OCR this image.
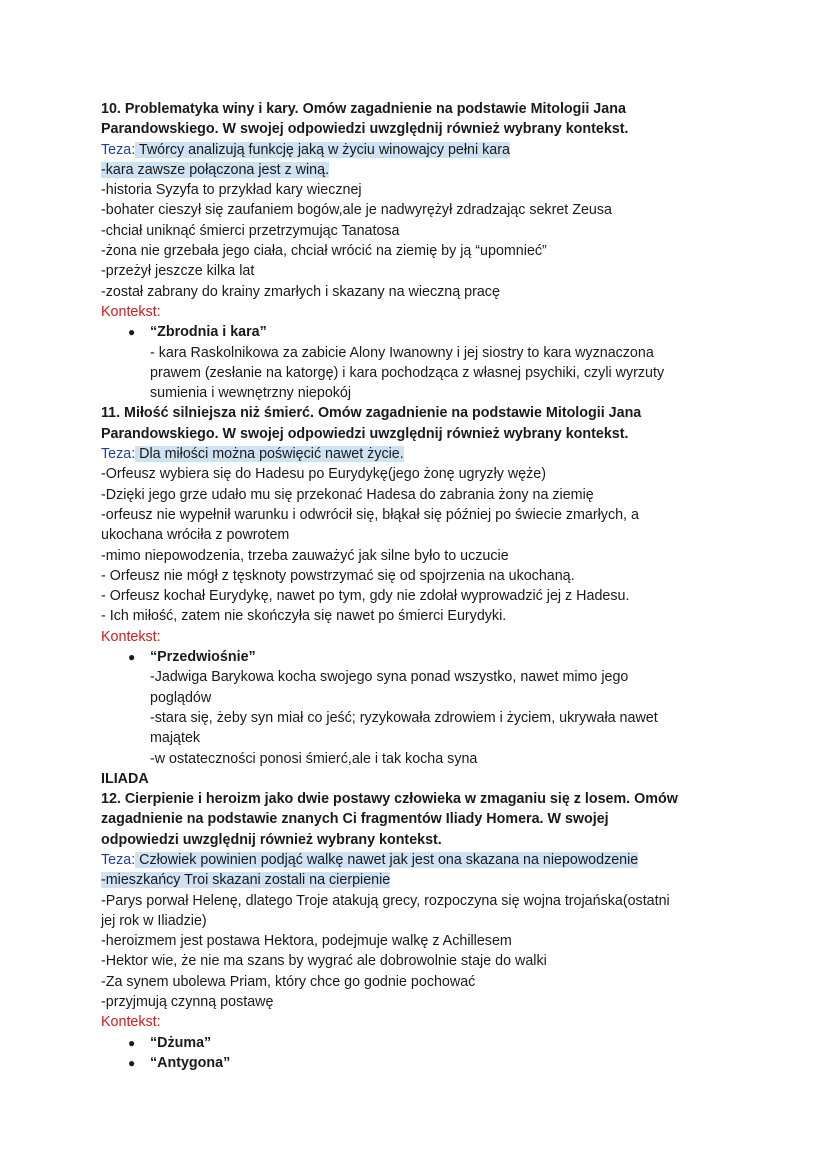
10. Problematyka winy i kary. Omów zagadnienie na podstawie Mitologii Jana

Parandowskiego. W swojej odpowiedzi uwzględnij również wybrany kontekst.

Teza: Twórcy analizują funkcję jaką w życiu winowajcy pełni kara

-kara zawsze połączona jest z winą.

-historia Syzyfa to przykład kary wiecznej

-bohater cieszył się zaufaniem bogów,ale je nadwyrężył zdradzając sekret Zeusa

-chciał uniknąć śmierci przetrzymując Tanatosa

-żona nie grzebała jego ciała, chciał wrócić na ziemię by ją “upomnieć”

-przeżył jeszcze kilka lat

-został zabrany do krainy zmarłych i skazany na wieczną pracę

Kontekst:

● “Zbrodnia i kara”

- kara Raskolnikowa za zabicie Alony Iwanowny i jej siostry to kara wyznaczona

prawem (zesłanie na katorgę) i kara pochodząca z własnej psychiki, czyli wyrzuty

sumienia i wewnętrzny niepokój

11. Miłość silniejsza niż śmierć. Omów zagadnienie na podstawie Mitologii Jana

Parandowskiego. W swojej odpowiedzi uwzględnij również wybrany kontekst.

Teza: Dla miłości można poświęcić nawet życie.

-Orfeusz wybiera się do Hadesu po Eurydykę(jego żonę ugryzły węże)

-Dzięki jego grze udało mu się przekonać Hadesa do zabrania żony na ziemię

-orfeusz nie wypełnił warunku i odwrócił się, błąkał się później po świecie zmarłych, a

ukochana wróciła z powrotem

-mimo niepowodzenia, trzeba zauważyć jak silne było to uczucie

- Orfeusz nie mógł z tęsknoty powstrzymać się od spojrzenia na ukochaną.

- Orfeusz kochał Eurydykę, nawet po tym, gdy nie zdołał wyprowadzić jej z Hadesu.

- Ich miłość, zatem nie skończyła się nawet po śmierci Eurydyki.

Kontekst:

● “Przedwiośnie”

-Jadwiga Barykowa kocha swojego syna ponad wszystko, nawet mimo jego

poglądów

-stara się, żeby syn miał co jeść; ryzykowała zdrowiem i życiem, ukrywała nawet

majątek

-w ostateczności ponosi śmierć,ale i tak kocha syna

ILIADA

12. Cierpienie i heroizm jako dwie postawy człowieka w zmaganiu się z losem. Omów

zagadnienie na podstawie znanych Ci fragmentów Iliady Homera. W swojej

odpowiedzi uwzględnij również wybrany kontekst.

Teza: Człowiek powinien podjąć walkę nawet jak jest ona skazana na niepowodzenie

-mieszkańcy Troi skazani zostali na cierpienie

-Parys porwał Helenę, dlatego Troje atakują grecy, rozpoczyna się wojna trojańska(ostatni

jej rok w Iliadzie)

-heroizmem jest postawa Hektora, podejmuje walkę z Achillesem

-Hektor wie, że nie ma szans by wygrać ale dobrowolnie staje do walki

-Za synem ubolewa Priam, który chce go godnie pochować

-przyjmują czynną postawę

Kontekst:

● “Dżuma”

● “Antygona”
